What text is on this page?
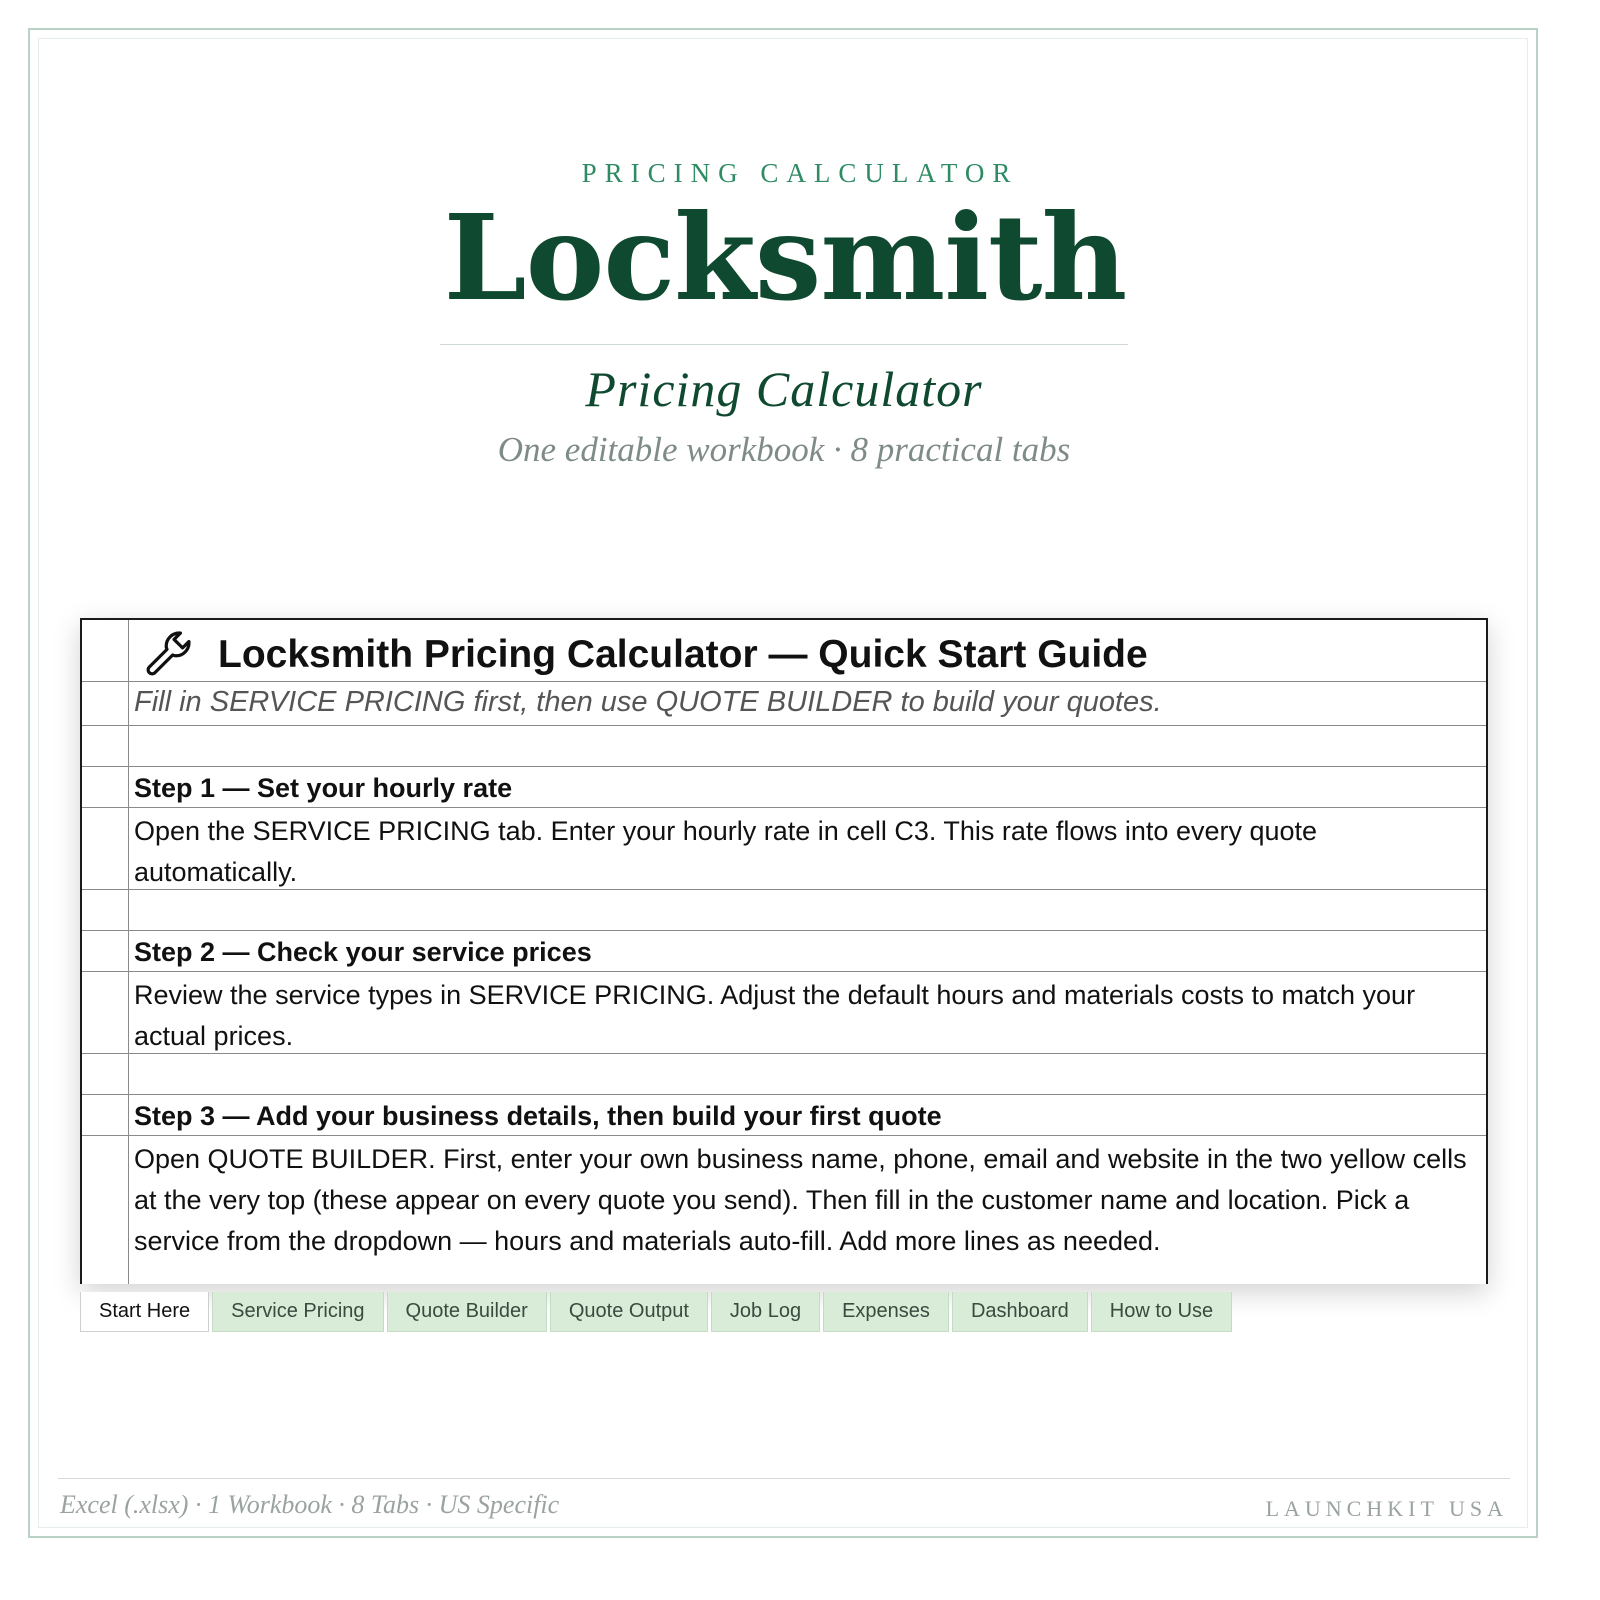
PRICING CALCULATOR
Locksmith
Pricing Calculator
One editable workbook · 8 practical tabs
Locksmith Pricing Calculator — Quick Start Guide
Fill in SERVICE PRICING first, then use QUOTE BUILDER to build your quotes.
Step 1 — Set your hourly rate
Open the SERVICE PRICING tab. Enter your hourly rate in cell C3. This rate flows into every quote automatically.
Step 2 — Check your service prices
Review the service types in SERVICE PRICING. Adjust the default hours and materials costs to match your actual prices.
Step 3 — Add your business details, then build your first quote
Open QUOTE BUILDER. First, enter your own business name, phone, email and website in the two yellow cells at the very top (these appear on every quote you send). Then fill in the customer name and location. Pick a service from the dropdown — hours and materials auto-fill. Add more lines as needed.
Start Here	Service Pricing	Quote Builder	Quote Output	Job Log	Expenses	Dashboard	How to Use
Excel (.xlsx) · 1 Workbook · 8 Tabs · US Specific	LAUNCHKIT USA
